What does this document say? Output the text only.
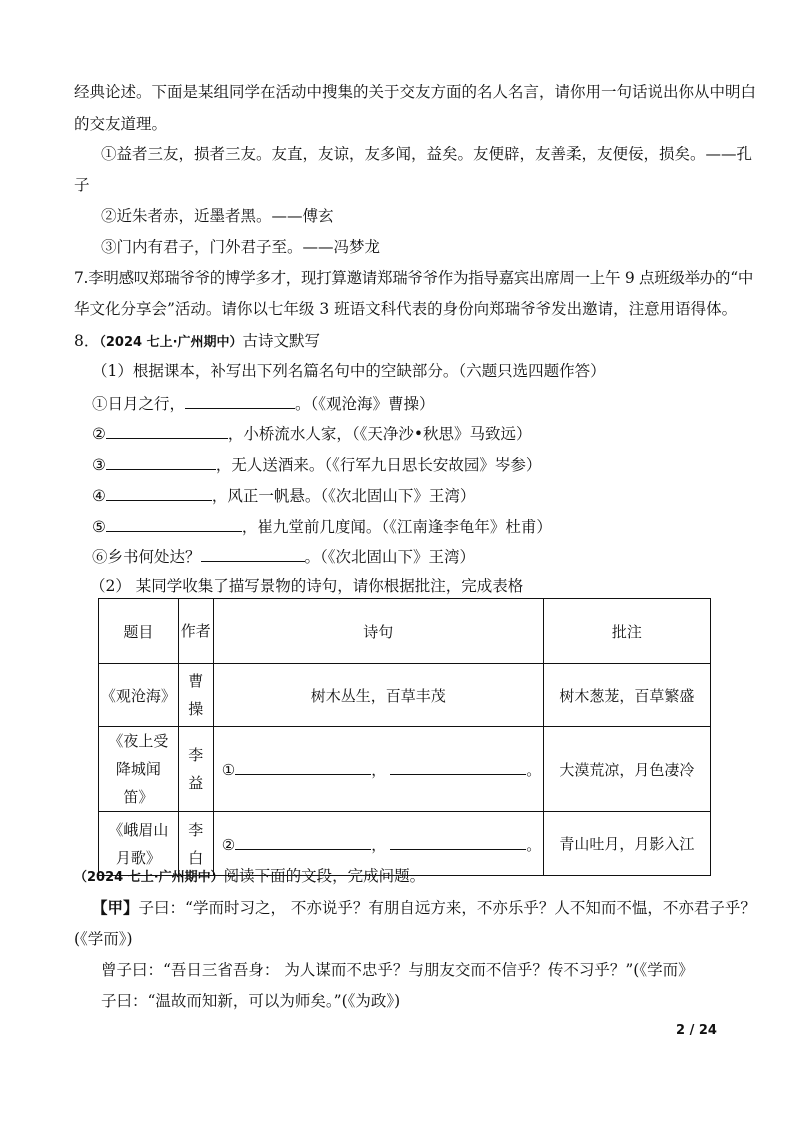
经典论述。下面是某组同学在活动中搜集的关于交友方面的名人名言，请你用一句话说出你从中明白
的交友道理。
①益者三友，损者三友。友直，友谅，友多闻，益矣。友便辟，友善柔，友便佞，损矣。——孔
子
②近朱者赤，近墨者黑。——傅玄
③门内有君子，门外君子至。——冯梦龙
7.李明感叹郑瑞爷爷的博学多才，现打算邀请郑瑞爷爷作为指导嘉宾出席周一上午 9 点班级举办的“中
华文化分享会”活动。请你以七年级 3 班语文科代表的身份向郑瑞爷爷发出邀请，注意用语得体。
8．（2024 七上·广州期中）古诗文默写
（1）根据课本，补写出下列名篇名句中的空缺部分。（六题只选四题作答）
①日月之行，	。（《观沧海》曹操）
②	，小桥流水人家，（《天净沙•秋思》马致远）
③	，无人送酒来。（《行军九日思长安故园》岑参）
④	，风正一帆悬。（《次北固山下》王湾）
⑤	，崔九堂前几度闻。（《江南逢李龟年》杜甫）
⑥乡书何处达？	。（《次北固山下》王湾）
（2） 某同学收集了描写景物的诗句，请你根据批注，完成表格
题目	作者	诗句	批注
《观沧海》	曹操	树木丛生，百草丰茂	树木葱茏，百草繁盛
《夜上受降城闻笛》	李益	① ， 。	大漠荒凉，月色凄冷
《峨眉山月歌》	李白	② ， 。	青山吐月，月影入江
（2024 七上·广州期中）阅读下面的文段，完成问题。
【甲】子曰：“学而时习之， 不亦说乎？有朋自远方来，不亦乐乎？人不知而不愠，不亦君子乎？
(《学而》)
曾子曰：“吾日三省吾身： 为人谋而不忠乎？与朋友交而不信乎？传不习乎？”(《学而》
子曰：“温故而知新，可以为师矣。”(《为政》)
2 / 24
